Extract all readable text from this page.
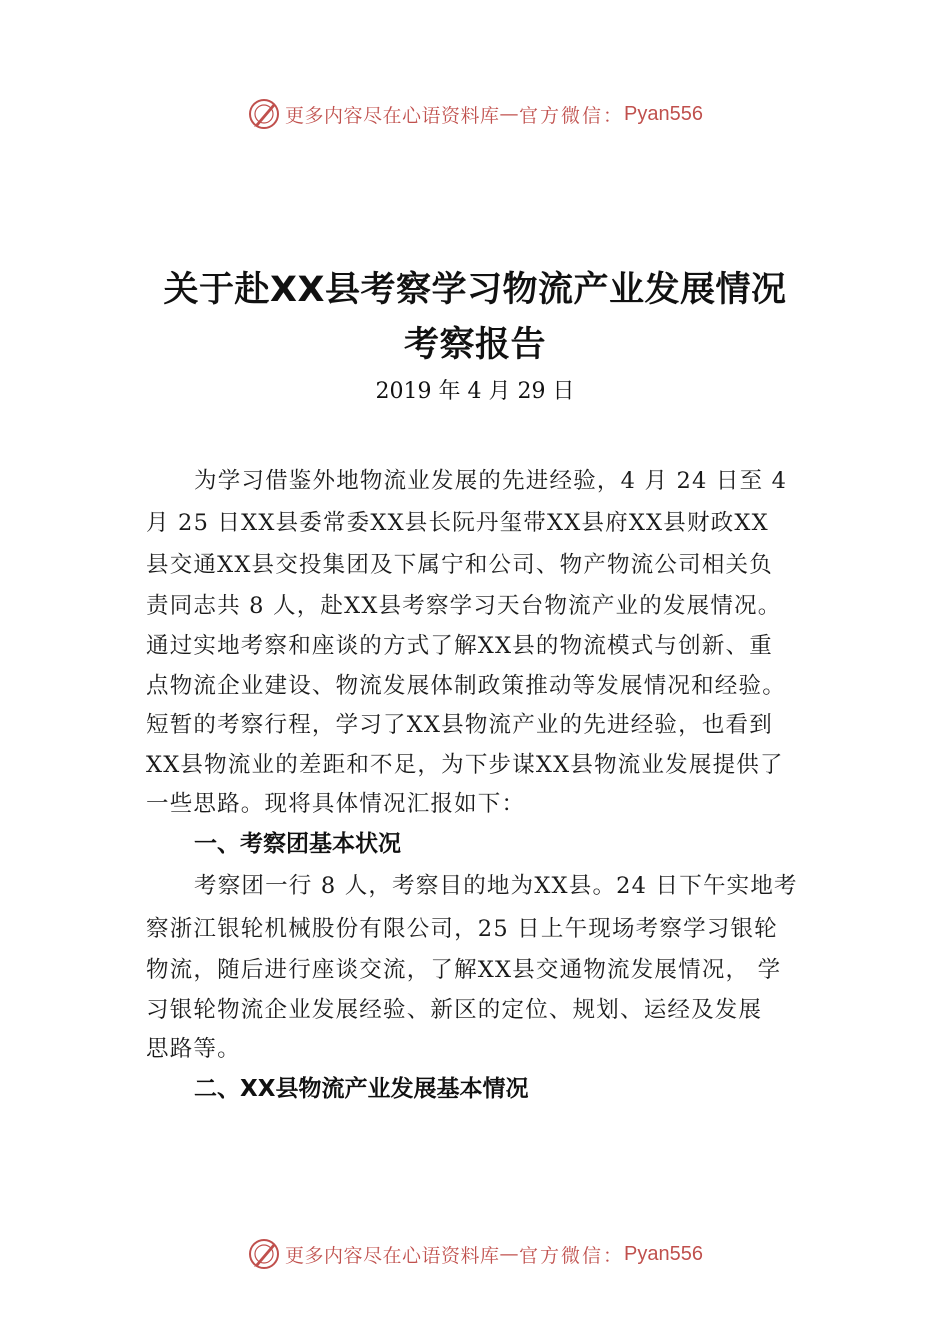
更多内容尽在心语资料库 — 官方微信： Pyan556
关于赴XX县考察学习物流产业发展情况
考察报告
2019 年 4 月 29 日
为学习借鉴外地物流业发展的先进经验，4 月 24 日至 4
月 25 日XX县委常委XX县长阮丹玺带XX县府XX县财政XX
县交通XX县交投集团及下属宁和公司、物产物流公司相关负
责同志共 8 人，赴XX县考察学习天台物流产业的发展情况。
通过实地考察和座谈的方式了解XX县的物流模式与创新、重
点物流企业建设、物流发展体制政策推动等发展情况和经验。
短暂的考察行程，学习了XX县物流产业的先进经验，也看到
XX县物流业的差距和不足，为下步谋XX县物流业发展提供了
一些思路。现将具体情况汇报如下：
一、考察团基本状况
考察团一行 8 人，考察目的地为XX县。24 日下午实地考
察浙江银轮机械股份有限公司，25 日上午现场考察学习银轮
物流，随后进行座谈交流，了解XX县交通物流发展情况， 学
习银轮物流企业发展经验、新区的定位、规划、运经及发展
思路等。
二、XX县物流产业发展基本情况
更多内容尽在心语资料库 — 官方微信： Pyan556
